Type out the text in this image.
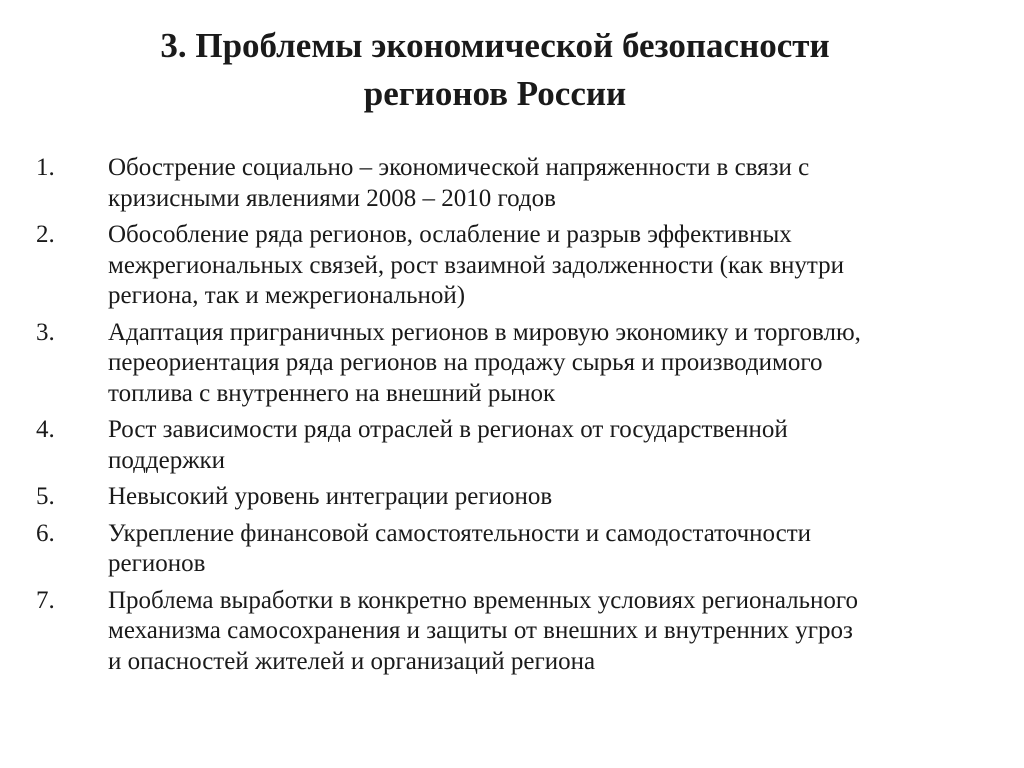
3. Проблемы экономической безопасности
регионов России
1.	Обострение социально – экономической напряженности в связи с
кризисными явлениями 2008 – 2010 годов
2.	Обособление ряда регионов, ослабление и разрыв эффективных
межрегиональных связей, рост взаимной задолженности (как внутри
региона, так и межрегиональной)
3.	Адаптация приграничных регионов в мировую экономику и торговлю,
переориентация ряда регионов на продажу сырья и производимого
топлива с внутреннего на внешний рынок
4.	Рост зависимости ряда отраслей в регионах от государственной
поддержки
5.	Невысокий уровень интеграции регионов
6.	Укрепление финансовой самостоятельности и самодостаточности
регионов
7.	Проблема выработки в конкретно временных условиях регионального
механизма самосохранения и защиты от внешних и внутренних угроз
и опасностей жителей и организаций региона
